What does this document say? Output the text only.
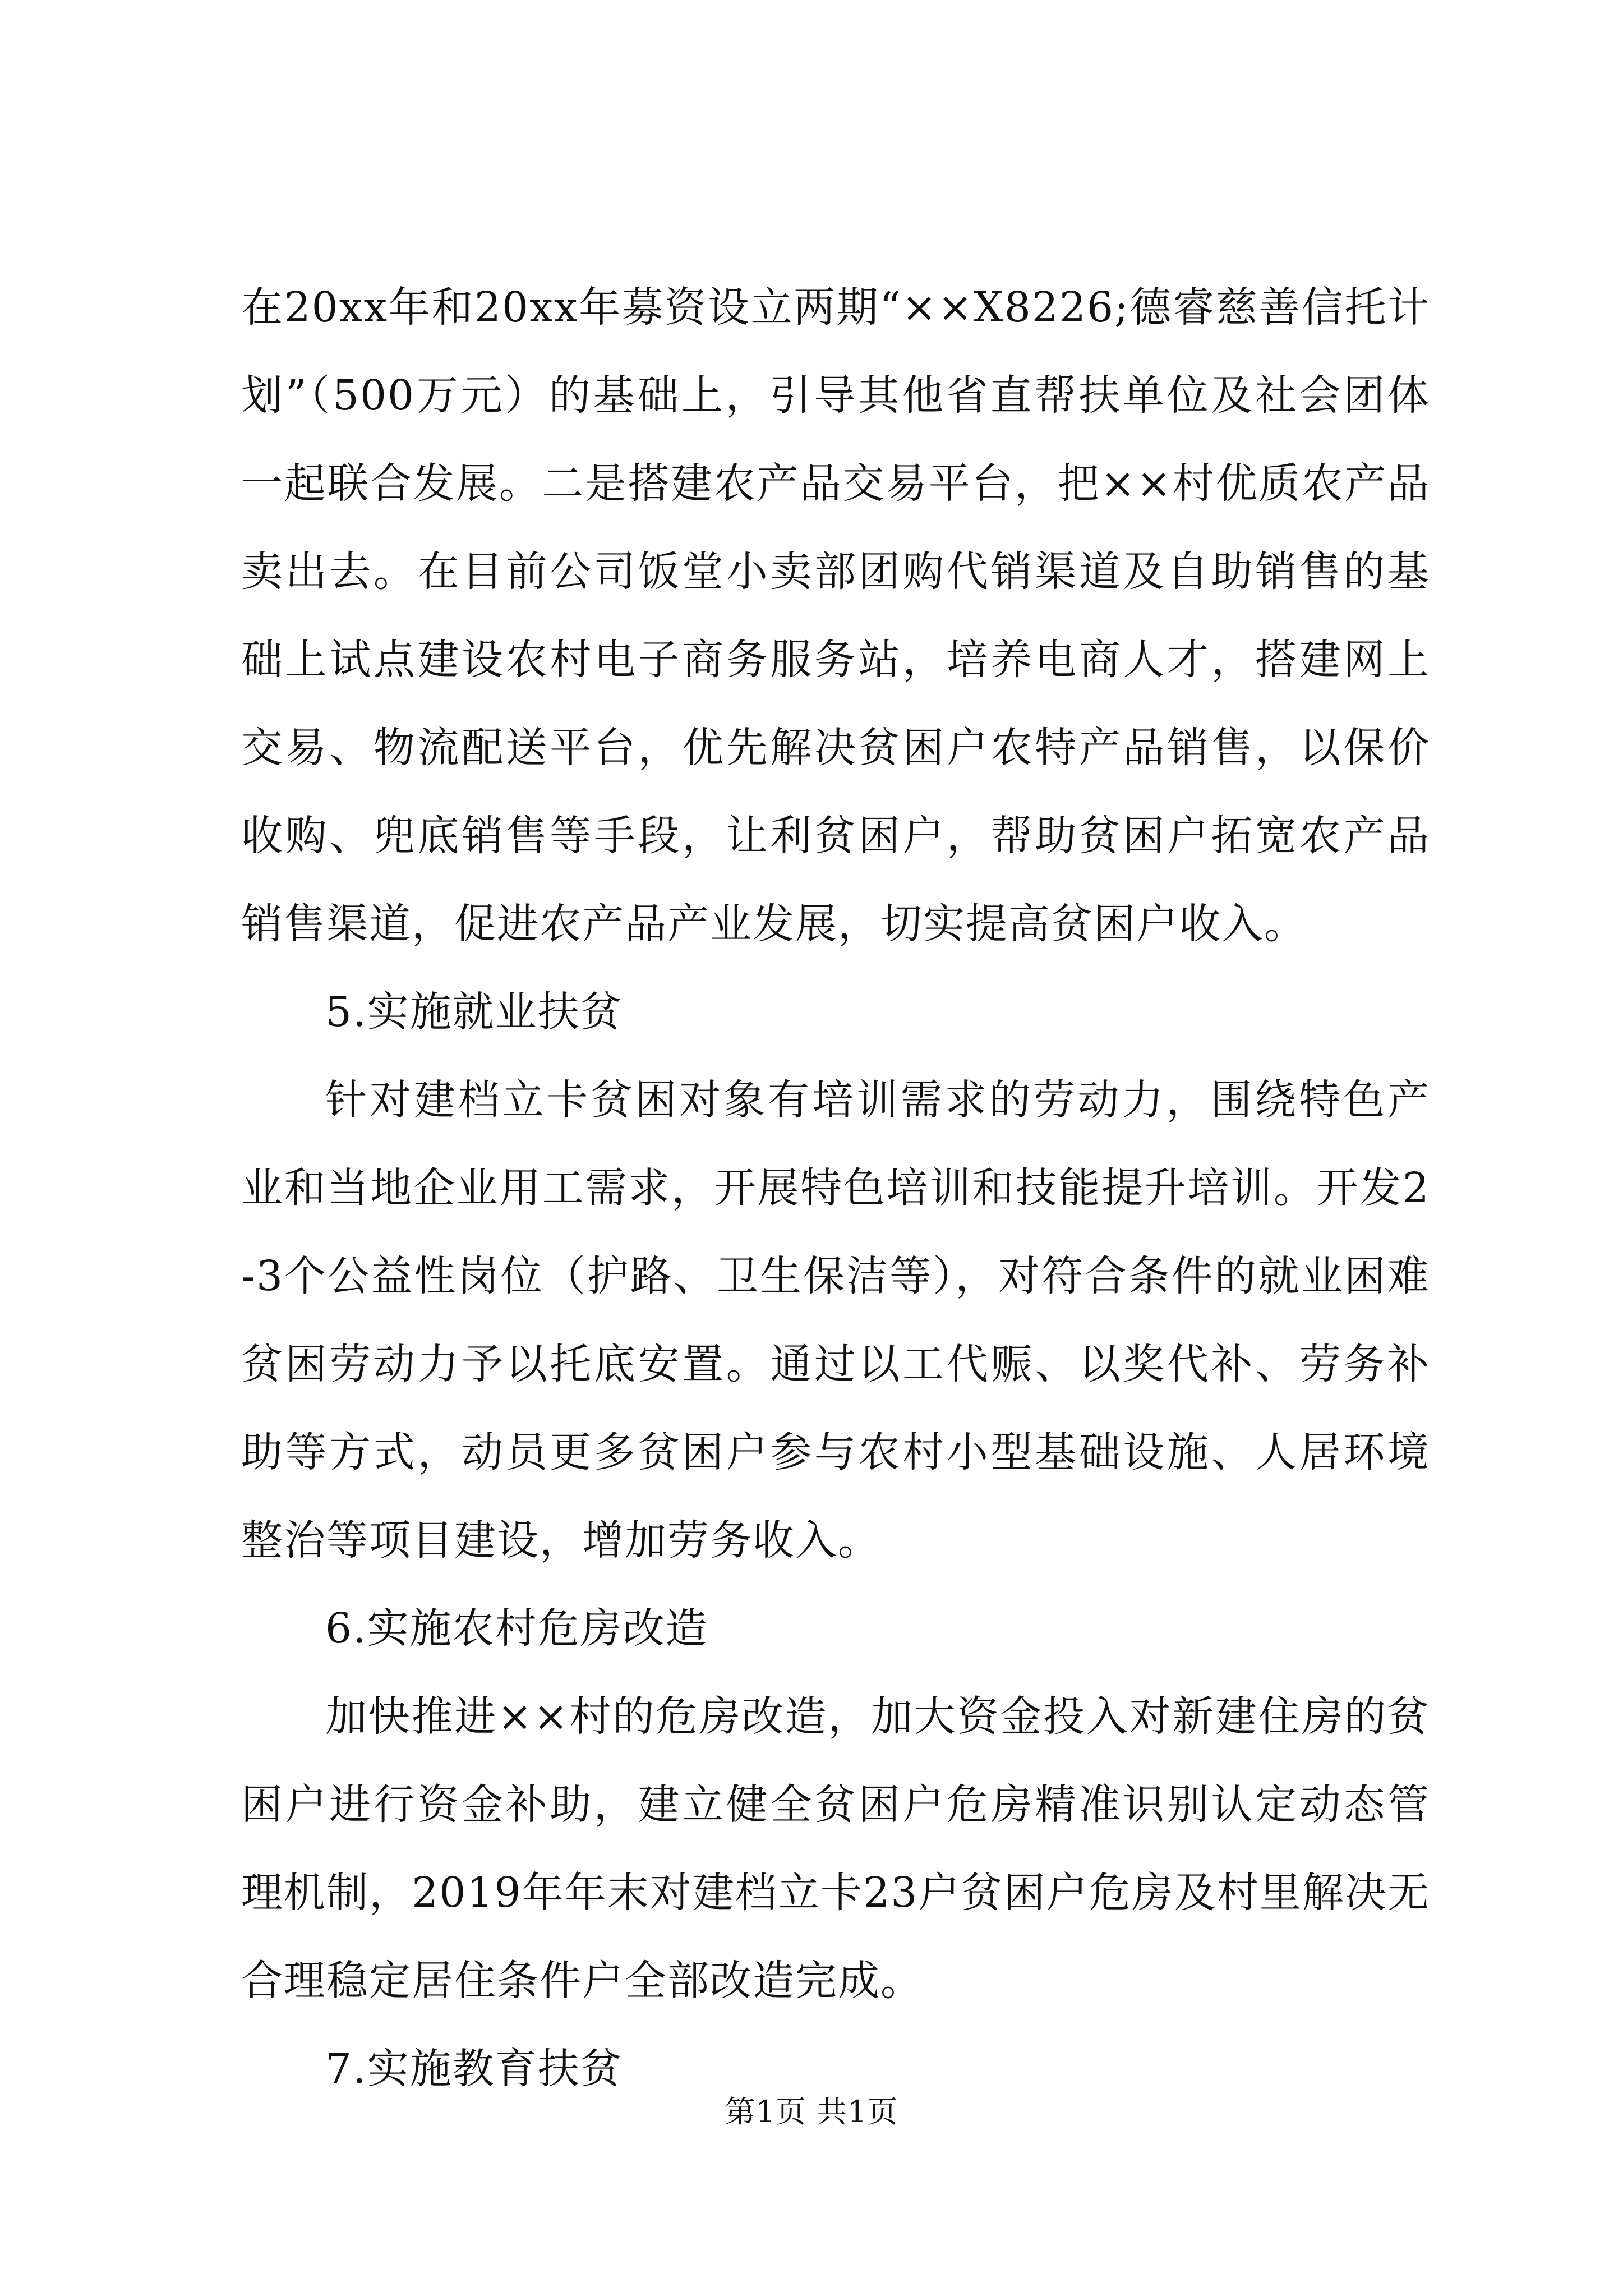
在20xx年和20xx年募资设立两期“××X8226;德睿慈善信托计划”（500万元）的基础上，引导其他省直帮扶单位及社会团体一起联合发展。二是搭建农产品交易平台，把××村优质农产品卖出去。在目前公司饭堂小卖部团购代销渠道及自助销售的基础上试点建设农村电子商务服务站，培养电商人才，搭建网上交易、物流配送平台，优先解决贫困户农特产品销售，以保价收购、兜底销售等手段，让利贫困户，帮助贫困户拓宽农产品销售渠道，促进农产品产业发展，切实提高贫困户收入。

5.实施就业扶贫

针对建档立卡贫困对象有培训需求的劳动力，围绕特色产业和当地企业用工需求，开展特色培训和技能提升培训。开发2-3个公益性岗位（护路、卫生保洁等），对符合条件的就业困难贫困劳动力予以托底安置。通过以工代赈、以奖代补、劳务补助等方式，动员更多贫困户参与农村小型基础设施、人居环境整治等项目建设，增加劳务收入。

6.实施农村危房改造

加快推进××村的危房改造，加大资金投入对新建住房的贫困户进行资金补助，建立健全贫困户危房精准识别认定动态管理机制，2019年年末对建档立卡23户贫困户危房及村里解决无合理稳定居住条件户全部改造完成。

7.实施教育扶贫

第1页 共1页
